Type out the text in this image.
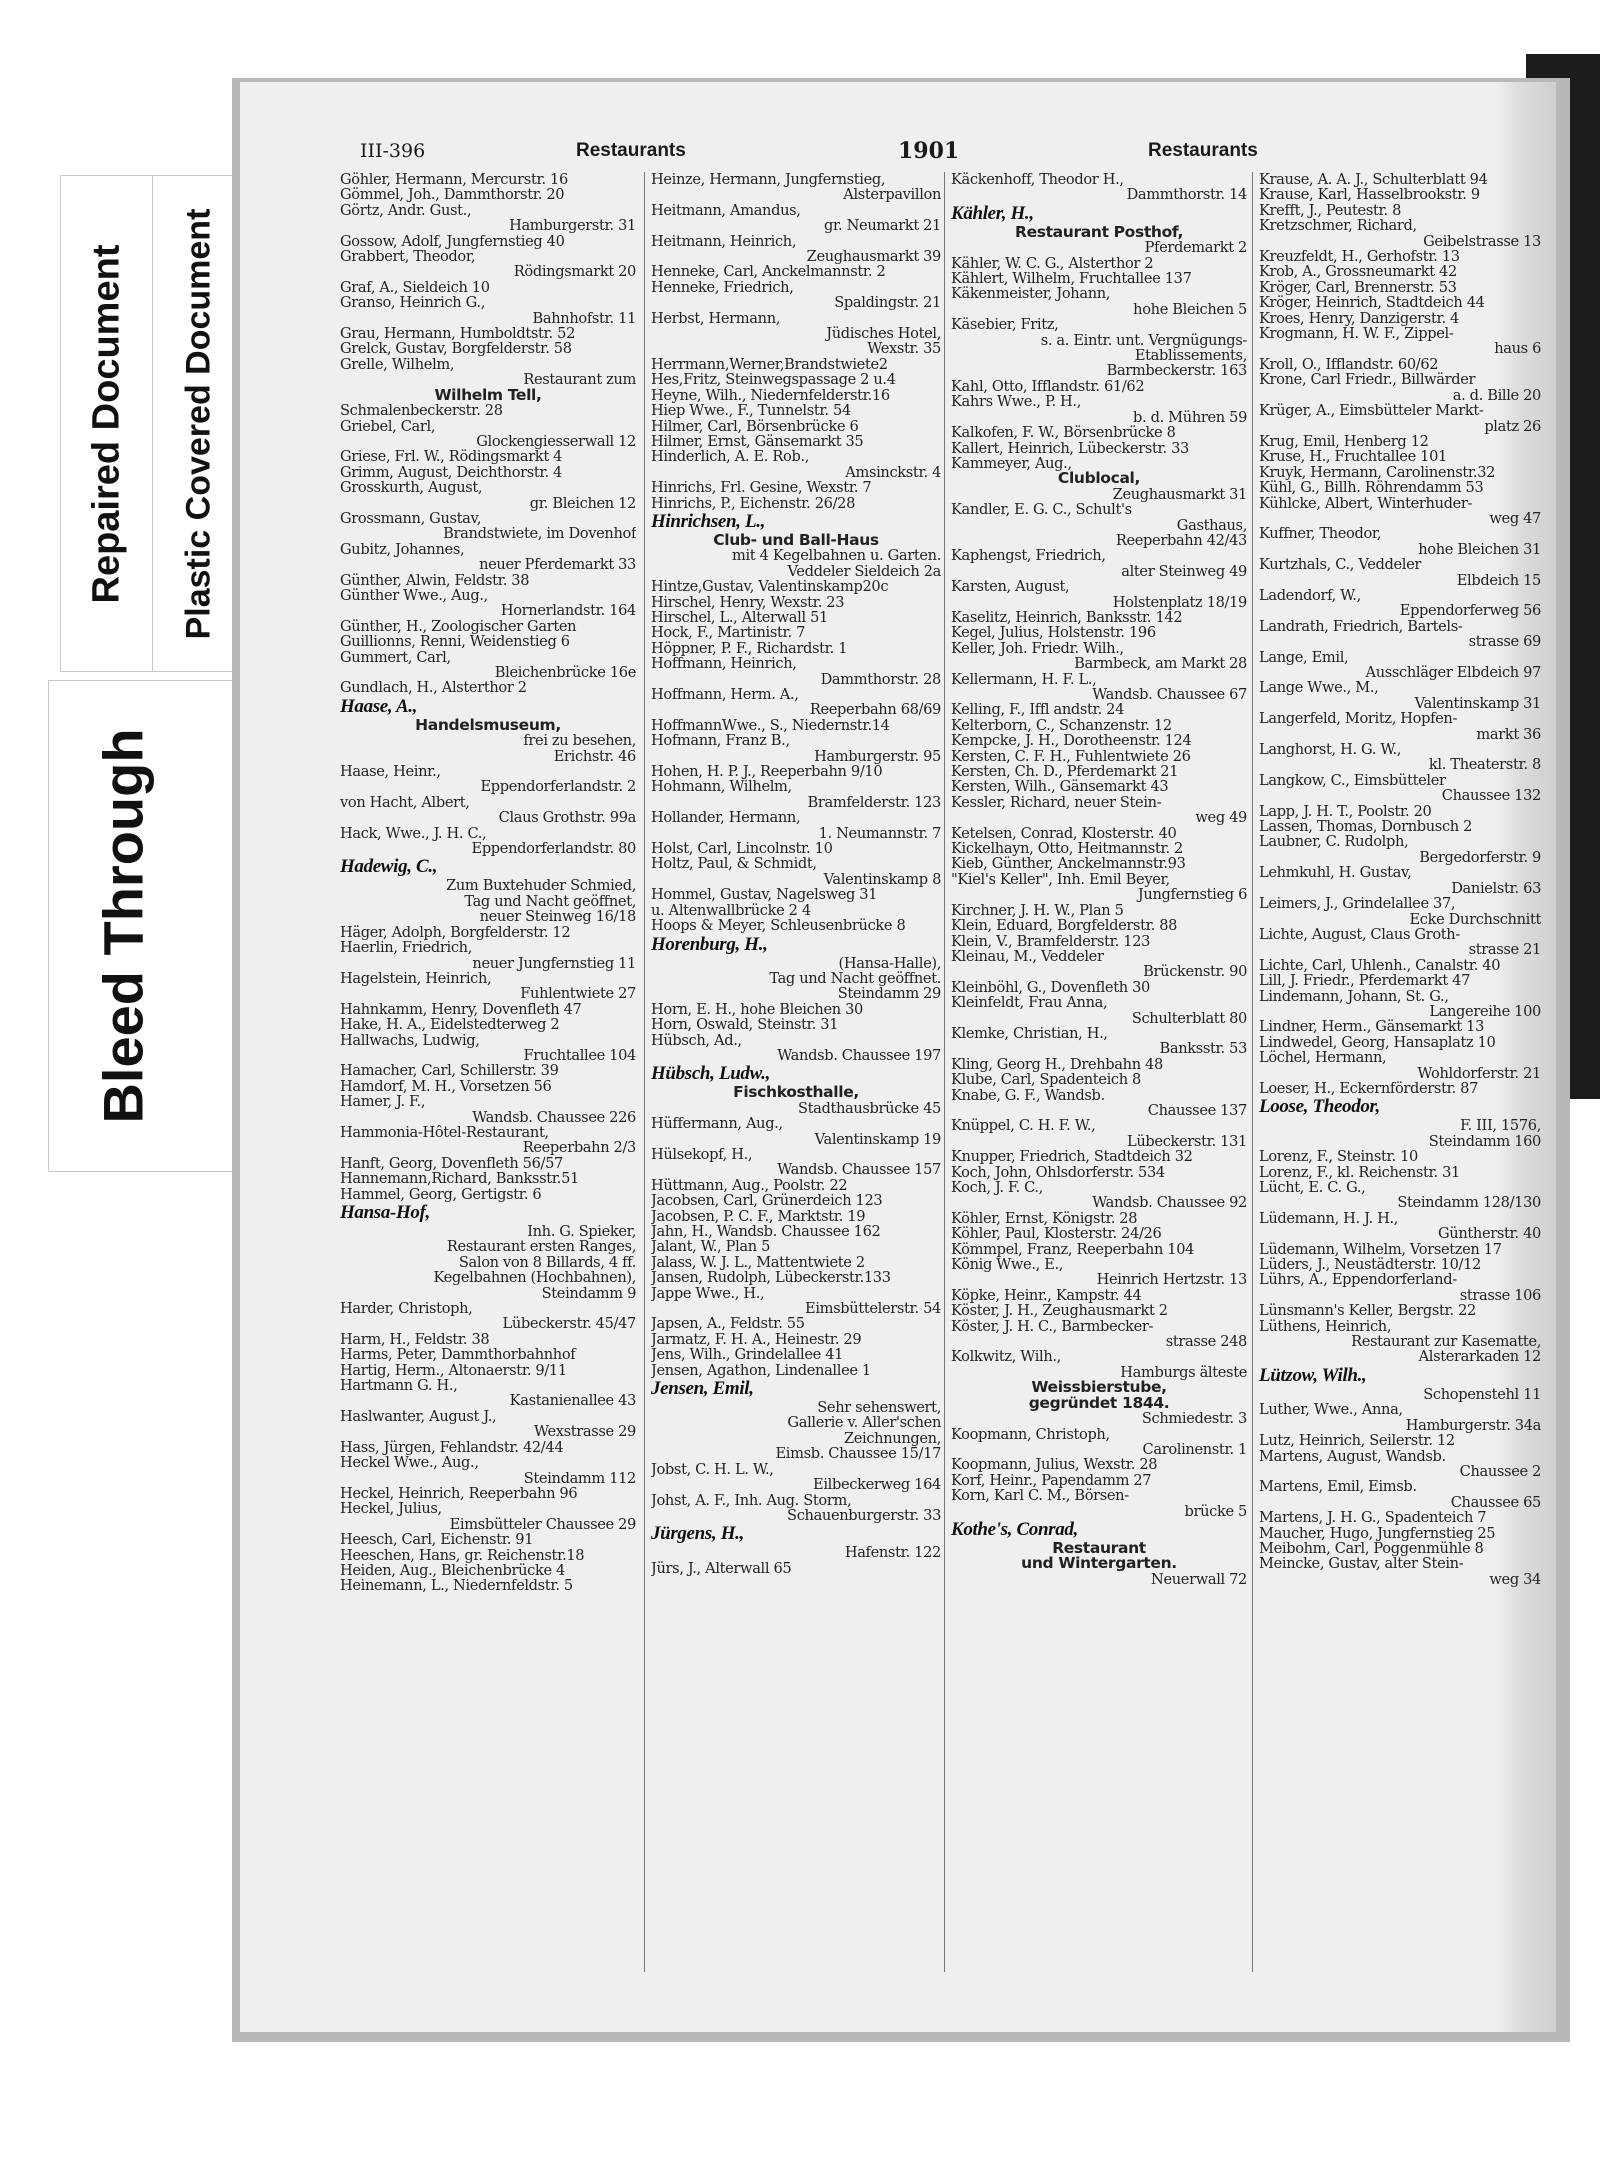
Repaired Document Plastic Covered Document
Bleed Through
III-396	Restaurants	1901	Restaurants
Göhler, Hermann, Mercurstr. 16
Gömmel, Joh., Dammthorstr. 20
Görtz, Andr. Gust.,
Hamburgerstr. 31
Gossow, Adolf, Jungfernstieg 40
Grabbert, Theodor,
Rödingsmarkt 20
Graf, A., Sieldeich 10
Granso, Heinrich G.,
Bahnhofstr. 11
Grau, Hermann, Humboldtstr. 52
Grelck, Gustav, Borgfelderstr. 58
Grelle, Wilhelm,
Restaurant zum
Wilhelm Tell,
Schmalenbeckerstr. 28
Griebel, Carl,
Glockengiesserwall 12
Griese, Frl. W., Rödingsmarkt 4
Grimm, August, Deichthorstr. 4
Grosskurth, August,
gr. Bleichen 12
Grossmann, Gustav,
Brandstwiete, im Dovenhof
Gubitz, Johannes,
neuer Pferdemarkt 33
Günther, Alwin, Feldstr. 38
Günther Wwe., Aug.,
Hornerlandstr. 164
Günther, H., Zoologischer Garten
Guillionns, Renni, Weidenstieg 6
Gummert, Carl,
Bleichenbrücke 16e
Gundlach, H., Alsterthor 2
Haase, A.,
Handelsmuseum,
frei zu besehen,
Erichstr. 46
Haase, Heinr.,
Eppendorferlandstr. 2
von Hacht, Albert,
Claus Grothstr. 99a
Hack, Wwe., J. H. C.,
Eppendorferlandstr. 80
Hadewig, C.,
Zum Buxtehuder Schmied,
Tag und Nacht geöffnet,
neuer Steinweg 16/18
Häger, Adolph, Borgfelderstr. 12
Haerlin, Friedrich,
neuer Jungfernstieg 11
Hagelstein, Heinrich,
Fuhlentwiete 27
Hahnkamm, Henry, Dovenfleth 47
Hake, H. A., Eidelstedterweg 2
Hallwachs, Ludwig,
Fruchtallee 104
Hamacher, Carl, Schillerstr. 39
Hamdorf, M. H., Vorsetzen 56
Hamer, J. F.,
Wandsb. Chaussee 226
Hammonia-Hôtel-Restaurant,
Reeperbahn 2/3
Hanft, Georg, Dovenfleth 56/57
Hannemann,Richard, Banksstr.51
Hammel, Georg, Gertigstr. 6
Hansa-Hof,
Inh. G. Spieker,
Restaurant ersten Ranges,
Salon von 8 Billards, 4 ff.
Kegelbahnen (Hochbahnen),
Steindamm 9
Harder, Christoph,
Lübeckerstr. 45/47
Harm, H., Feldstr. 38
Harms, Peter, Dammthorbahnhof
Hartig, Herm., Altonaerstr. 9/11
Hartmann G. H.,
Kastanienallee 43
Haslwanter, August J.,
Wexstrasse 29
Hass, Jürgen, Fehlandstr. 42/44
Heckel Wwe., Aug.,
Steindamm 112
Heckel, Heinrich, Reeperbahn 96
Heckel, Julius,
Eimsbütteler Chaussee 29
Heesch, Carl, Eichenstr. 91
Heeschen, Hans, gr. Reichenstr.18
Heiden, Aug., Bleichenbrücke 4
Heinemann, L., Niedernfeldstr. 5
Heinze, Hermann, Jungfernstieg,
Alsterpavillon
Heitmann, Amandus,
gr. Neumarkt 21
Heitmann, Heinrich,
Zeughausmarkt 39
Henneke, Carl, Anckelmannstr. 2
Henneke, Friedrich,
Spaldingstr. 21
Herbst, Hermann,
Jüdisches Hotel,
Wexstr. 35
Herrmann,Werner,Brandstwiete2
Hes,Fritz, Steinwegspassage 2 u.4
Heyne, Wilh., Niedernfelderstr.16
Hiep Wwe., F., Tunnelstr. 54
Hilmer, Carl, Börsenbrücke 6
Hilmer, Ernst, Gänsemarkt 35
Hinderlich, A. E. Rob.,
Amsinckstr. 4
Hinrichs, Frl. Gesine, Wexstr. 7
Hinrichs, P., Eichenstr. 26/28
Hinrichsen, L.,
Club- und Ball-Haus
mit 4 Kegelbahnen u. Garten.
Veddeler Sieldeich 2a
Hintze,Gustav, Valentinskamp20c
Hirschel, Henry, Wexstr. 23
Hirschel, L., Alterwall 51
Hock, F., Martinistr. 7
Höppner, P. F., Richardstr. 1
Hoffmann, Heinrich,
Dammthorstr. 28
Hoffmann, Herm. A.,
Reeperbahn 68/69
HoffmannWwe., S., Niedernstr.14
Hofmann, Franz B.,
Hamburgerstr. 95
Hohen, H. P. J., Reeperbahn 9/10
Hohmann, Wilhelm,
Bramfelderstr. 123
Hollander, Hermann,
1. Neumannstr. 7
Holst, Carl, Lincolnstr. 10
Holtz, Paul, & Schmidt,
Valentinskamp 8
Hommel, Gustav, Nagelsweg 31
u. Altenwallbrücke 2 4
Hoops & Meyer, Schleusenbrücke 8
Horenburg, H.,
(Hansa-Halle),
Tag und Nacht geöffnet.
Steindamm 29
Horn, E. H., hohe Bleichen 30
Horn, Oswald, Steinstr. 31
Hübsch, Ad.,
Wandsb. Chaussee 197
Hübsch, Ludw.,
Fischkosthalle,
Stadthausbrücke 45
Hüffermann, Aug.,
Valentinskamp 19
Hülsekopf, H.,
Wandsb. Chaussee 157
Hüttmann, Aug., Poolstr. 22
Jacobsen, Carl, Grünerdeich 123
Jacobsen, P. C. F., Marktstr. 19
Jahn, H., Wandsb. Chaussee 162
Jalant, W., Plan 5
Jalass, W. J. L., Mattentwiete 2
Jansen, Rudolph, Lübeckerstr.133
Jappe Wwe., H.,
Eimsbüttelerstr. 54
Japsen, A., Feldstr. 55
Jarmatz, F. H. A., Heinestr. 29
Jens, Wilh., Grindelallee 41
Jensen, Agathon, Lindenallee 1
Jensen, Emil,
Sehr sehenswert,
Gallerie v. Aller'schen
Zeichnungen,
Eimsb. Chaussee 15/17
Jobst, C. H. L. W.,
Eilbeckerweg 164
Johst, A. F., Inh. Aug. Storm,
Schauenburgerstr. 33
Jürgens, H.,
Hafenstr. 122
Jürs, J., Alterwall 65
Käckenhoff, Theodor H.,
Dammthorstr. 14
Kähler, H.,
Restaurant Posthof,
Pferdemarkt 2
Kähler, W. C. G., Alsterthor 2
Kählert, Wilhelm, Fruchtallee 137
Käkenmeister, Johann,
hohe Bleichen 5
Käsebier, Fritz,
s. a. Eintr. unt. Vergnügungs-
Etablissements,
Barmbeckerstr. 163
Kahl, Otto, Ifflandstr. 61/62
Kahrs Wwe., P. H.,
b. d. Mühren 59
Kalkofen, F. W., Börsenbrücke 8
Kallert, Heinrich, Lübeckerstr. 33
Kammeyer, Aug.,
Clublocal,
Zeughausmarkt 31
Kandler, E. G. C., Schult's
Gasthaus,
Reeperbahn 42/43
Kaphengst, Friedrich,
alter Steinweg 49
Karsten, August,
Holstenplatz 18/19
Kaselitz, Heinrich, Banksstr. 142
Kegel, Julius, Holstenstr. 196
Keller, Joh. Friedr. Wilh.,
Barmbeck, am Markt 28
Kellermann, H. F. L.,
Wandsb. Chaussee 67
Kelling, F., Iffl andstr. 24
Kelterborn, C., Schanzenstr. 12
Kempcke, J. H., Dorotheenstr. 124
Kersten, C. F. H., Fuhlentwiete 26
Kersten, Ch. D., Pferdemarkt 21
Kersten, Wilh., Gänsemarkt 43
Kessler, Richard, neuer Stein-
weg 49
Ketelsen, Conrad, Klosterstr. 40
Kickelhayn, Otto, Heitmannstr. 2
Kieb, Günther, Anckelmannstr.93
"Kiel's Keller", Inh. Emil Beyer,
Jungfernstieg 6
Kirchner, J. H. W., Plan 5
Klein, Eduard, Borgfelderstr. 88
Klein, V., Bramfelderstr. 123
Kleinau, M., Veddeler
Brückenstr. 90
Kleinböhl, G., Dovenfleth 30
Kleinfeldt, Frau Anna,
Schulterblatt 80
Klemke, Christian, H.,
Banksstr. 53
Kling, Georg H., Drehbahn 48
Klube, Carl, Spadenteich 8
Knabe, G. F., Wandsb.
Chaussee 137
Knüppel, C. H. F. W.,
Lübeckerstr. 131
Knupper, Friedrich, Stadtdeich 32
Koch, John, Ohlsdorferstr. 534
Koch, J. F. C.,
Wandsb. Chaussee 92
Köhler, Ernst, Königstr. 28
Köhler, Paul, Klosterstr. 24/26
Kömmpel, Franz, Reeperbahn 104
König Wwe., E.,
Heinrich Hertzstr. 13
Köpke, Heinr., Kampstr. 44
Köster, J. H., Zeughausmarkt 2
Köster, J. H. C., Barmbecker-
strasse 248
Kolkwitz, Wilh.,
Hamburgs älteste
Weissbierstube,
gegründet 1844.
Schmiedestr. 3
Koopmann, Christoph,
Carolinenstr. 1
Koopmann, Julius, Wexstr. 28
Korf, Heinr., Papendamm 27
Korn, Karl C. M., Börsen-
brücke 5
Kothe's, Conrad,
Restaurant
und Wintergarten.
Neuerwall 72
Krause, A. A. J., Schulterblatt 94
Krause, Karl, Hasselbrookstr. 9
Krefft, J., Peutestr. 8
Kretzschmer, Richard,
Geibelstrasse 13
Kreuzfeldt, H., Gerhofstr. 13
Krob, A., Grossneumarkt 42
Kröger, Carl, Brennerstr. 53
Kröger, Heinrich, Stadtdeich 44
Kroes, Henry, Danzigerstr. 4
Krogmann, H. W. F., Zippel-
haus 6
Kroll, O., Ifflandstr. 60/62
Krone, Carl Friedr., Billwärder
a. d. Bille 20
Krüger, A., Eimsbütteler Markt-
platz 26
Krug, Emil, Henberg 12
Kruse, H., Fruchtallee 101
Kruyk, Hermann, Carolinenstr.32
Kühl, G., Billh. Röhrendamm 53
Kühlcke, Albert, Winterhuder-
weg 47
Kuffner, Theodor,
hohe Bleichen 31
Kurtzhals, C., Veddeler
Elbdeich 15
Ladendorf, W.,
Eppendorferweg 56
Landrath, Friedrich, Bartels-
strasse 69
Lange, Emil,
Ausschläger Elbdeich 97
Lange Wwe., M.,
Valentinskamp 31
Langerfeld, Moritz, Hopfen-
markt 36
Langhorst, H. G. W.,
kl. Theaterstr. 8
Langkow, C., Eimsbütteler
Chaussee 132
Lapp, J. H. T., Poolstr. 20
Lassen, Thomas, Dornbusch 2
Laubner, C. Rudolph,
Bergedorferstr. 9
Lehmkuhl, H. Gustav,
Danielstr. 63
Leimers, J., Grindelallee 37,
Ecke Durchschnitt
Lichte, August, Claus Groth-
strasse 21
Lichte, Carl, Uhlenh., Canalstr. 40
Lill, J. Friedr., Pferdemarkt 47
Lindemann, Johann, St. G.,
Langereihe 100
Lindner, Herm., Gänsemarkt 13
Lindwedel, Georg, Hansaplatz 10
Löchel, Hermann,
Wohldorferstr. 21
Loeser, H., Eckernförderstr. 87
Loose, Theodor,
F. III, 1576,
Steindamm 160
Lorenz, F., Steinstr. 10
Lorenz, F., kl. Reichenstr. 31
Lücht, E. C. G.,
Steindamm 128/130
Lüdemann, H. J. H.,
Güntherstr. 40
Lüdemann, Wilhelm, Vorsetzen 17
Lüders, J., Neustädterstr. 10/12
Lührs, A., Eppendorferland-
strasse 106
Lünsmann's Keller, Bergstr. 22
Lüthens, Heinrich,
Restaurant zur Kasematte,
Alsterarkaden 12
Lützow, Wilh.,
Schopenstehl 11
Luther, Wwe., Anna,
Hamburgerstr. 34a
Lutz, Heinrich, Seilerstr. 12
Martens, August, Wandsb.
Chaussee 2
Martens, Emil, Eimsb.
Chaussee 65
Martens, J. H. G., Spadenteich 7
Maucher, Hugo, Jungfernstieg 25
Meibohm, Carl, Poggenmühle 8
Meincke, Gustav, alter Stein-
weg 34
